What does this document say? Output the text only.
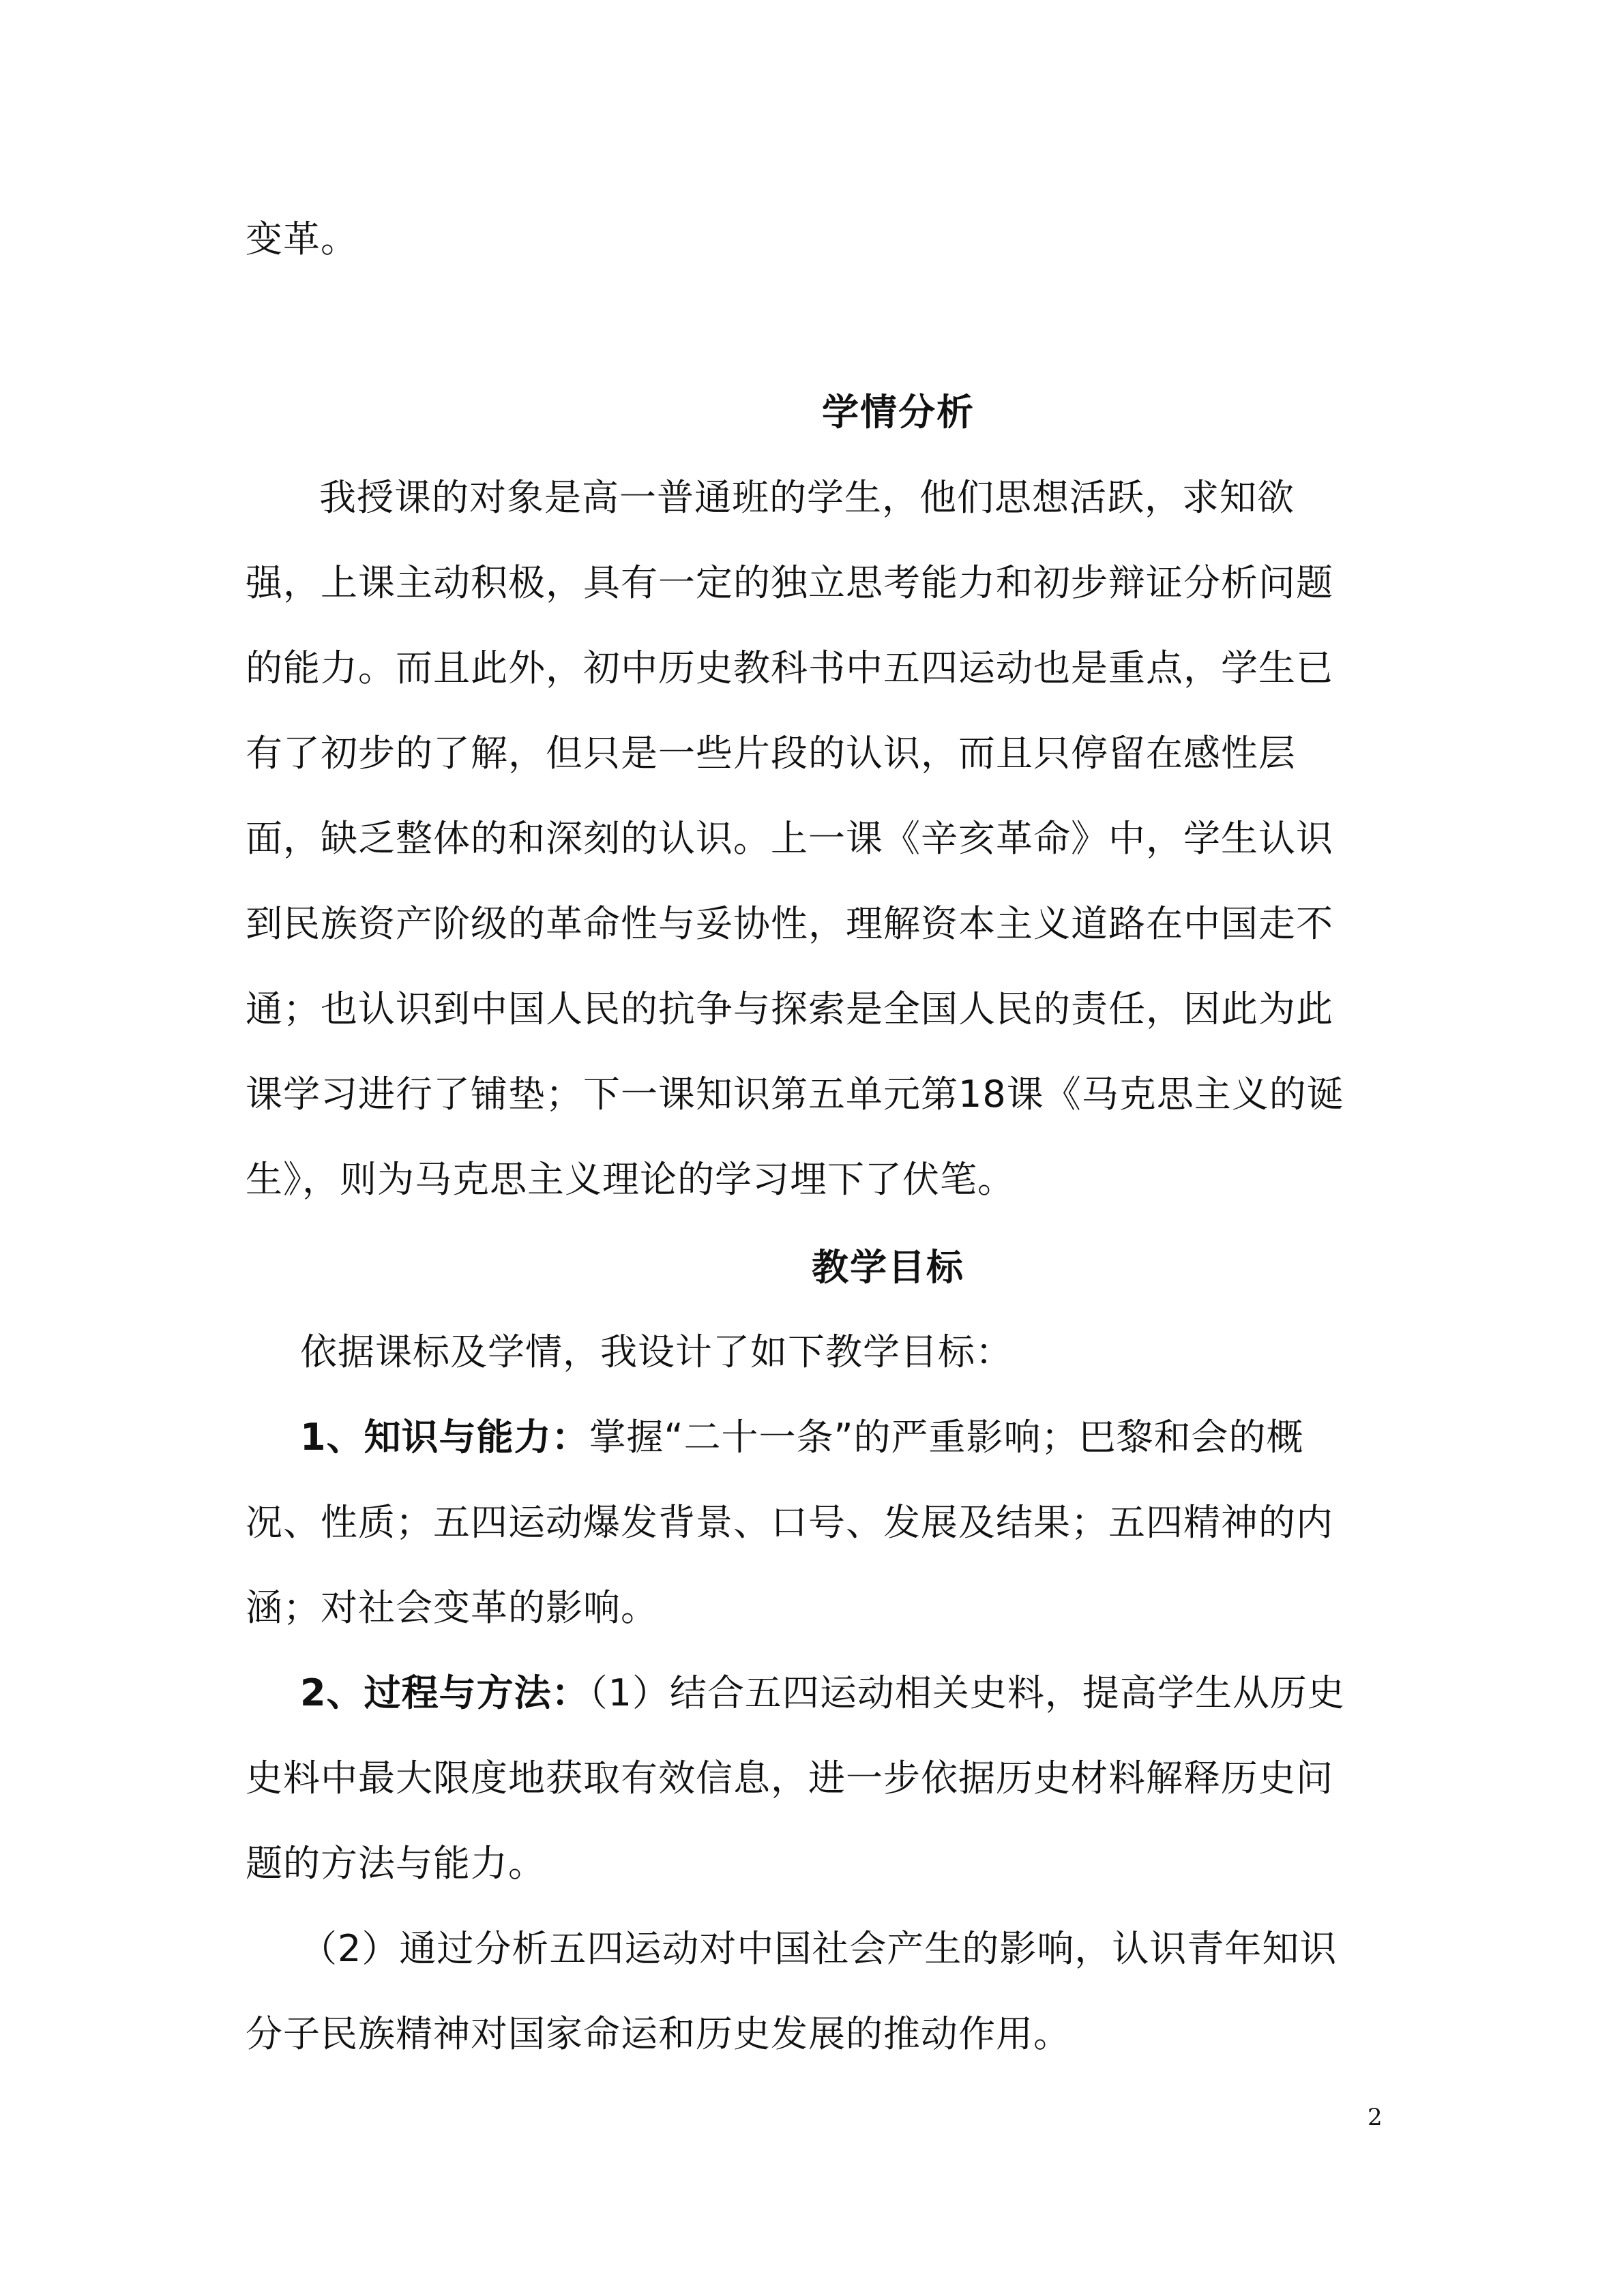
变革。

学情分析

我授课的对象是高一普通班的学生，他们思想活跃，求知欲

强，上课主动积极，具有一定的独立思考能力和初步辩证分析问题

的能力。而且此外，初中历史教科书中五四运动也是重点，学生已

有了初步的了解，但只是一些片段的认识，而且只停留在感性层

面，缺乏整体的和深刻的认识。上一课《辛亥革命》中，学生认识

到民族资产阶级的革命性与妥协性，理解资本主义道路在中国走不

通；也认识到中国人民的抗争与探索是全国人民的责任，因此为此

课学习进行了铺垫；下一课知识第五单元第18课《马克思主义的诞

生》，则为马克思主义理论的学习埋下了伏笔。

教学目标

依据课标及学情，我设计了如下教学目标：

1、知识与能力：掌握“二十一条”的严重影响；巴黎和会的概

况、性质；五四运动爆发背景、口号、发展及结果；五四精神的内

涵；对社会变革的影响。

2、过程与方法：（1）结合五四运动相关史料，提高学生从历史

史料中最大限度地获取有效信息，进一步依据历史材料解释历史问

题的方法与能力。

（2）通过分析五四运动对中国社会产生的影响，认识青年知识

分子民族精神对国家命运和历史发展的推动作用。

2
